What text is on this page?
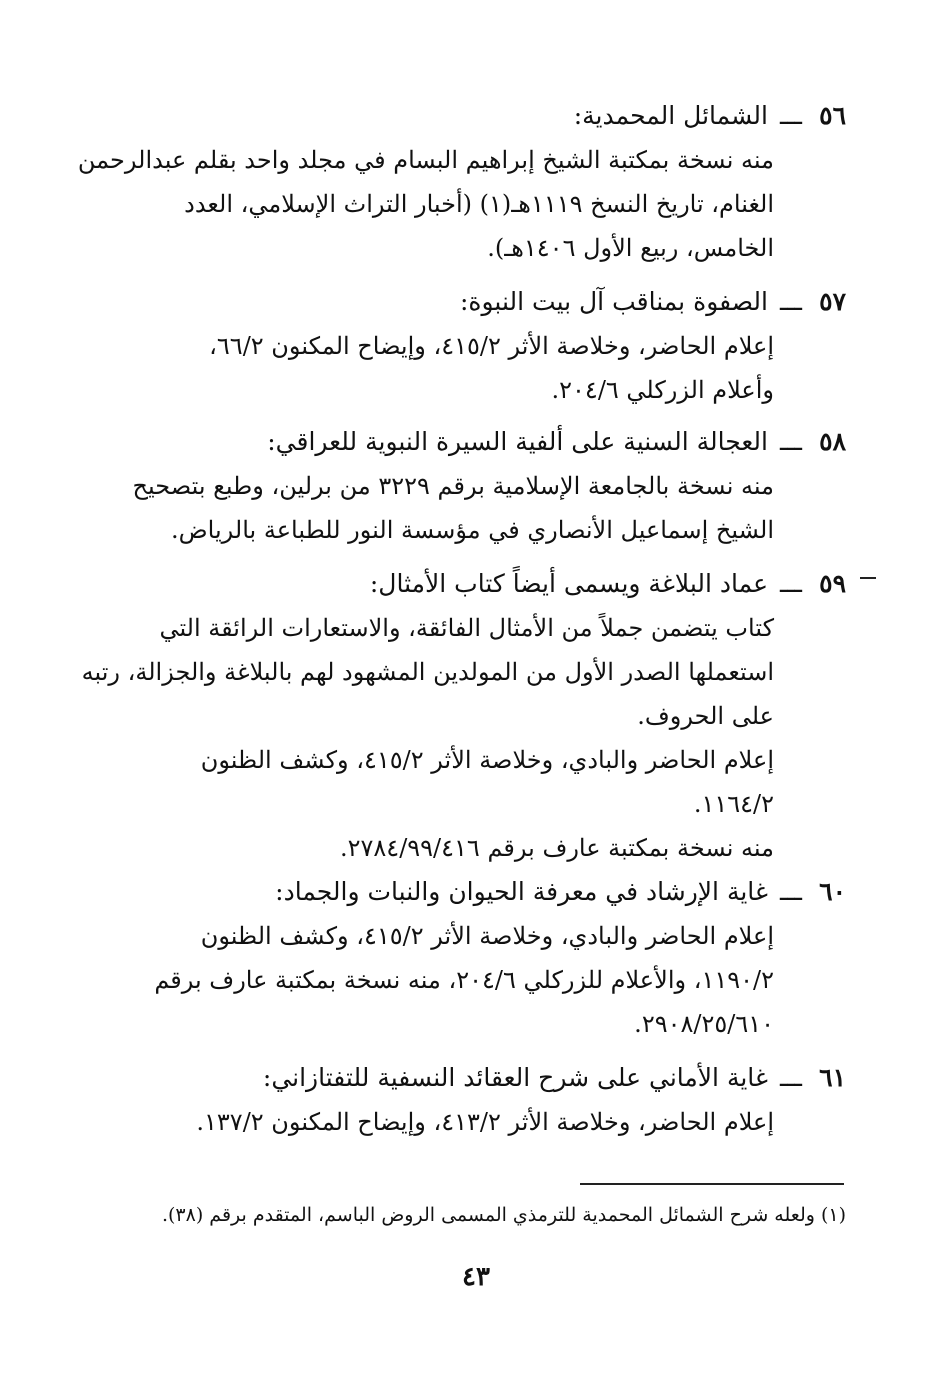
٥٦
ـــ
الشمائل المحمدية:
منه نسخة بمكتبة الشيخ إبراهيم البسام في مجلد واحد بقلم عبدالرحمن
الغنام، تاريخ النسخ ١١١٩هـ(١) (أخبار التراث الإسلامي، العدد
الخامس، ربيع الأول ١٤٠٦هـ).
٥٧
ـــ
الصفوة بمناقب آل بيت النبوة:
إعلام الحاضر، وخلاصة الأثر ٤١٥/٢، وإيضاح المكنون ٦٦/٢،
وأعلام الزركلي ٢٠٤/٦.
٥٨
ـــ
العجالة السنية على ألفية السيرة النبوية للعراقي:
منه نسخة بالجامعة الإسلامية برقم ٣٢٢٩ من برلين، وطبع بتصحيح
الشيخ إسماعيل الأنصاري في مؤسسة النور للطباعة بالرياض.
٥٩
ـــ
عماد البلاغة ويسمى أيضاً كتاب الأمثال:
كتاب يتضمن جملاً من الأمثال الفائقة، والاستعارات الرائقة التي
استعملها الصدر الأول من المولدين المشهود لهم بالبلاغة والجزالة، رتبه
على الحروف.
إعلام الحاضر والبادي، وخلاصة الأثر ٤١٥/٢، وكشف الظنون
١١٦٤/٢.
منه نسخة بمكتبة عارف برقم ٢٧٨٤/٩٩/٤١٦.
٦٠
ـــ
غاية الإرشاد في معرفة الحيوان والنبات والجماد:
إعلام الحاضر والبادي، وخلاصة الأثر ٤١٥/٢، وكشف الظنون
١١٩٠/٢، والأعلام للزركلي ٢٠٤/٦، منه نسخة بمكتبة عارف برقم
٢٩٠٨/٢٥/٦١٠.
٦١
ـــ
غاية الأماني على شرح العقائد النسفية للتفتازاني:
إعلام الحاضر، وخلاصة الأثر ٤١٣/٢، وإيضاح المكنون ١٣٧/٢.
(١) ولعله شرح الشمائل المحمدية للترمذي المسمى الروض الباسم، المتقدم برقم (٣٨).
٤٣
